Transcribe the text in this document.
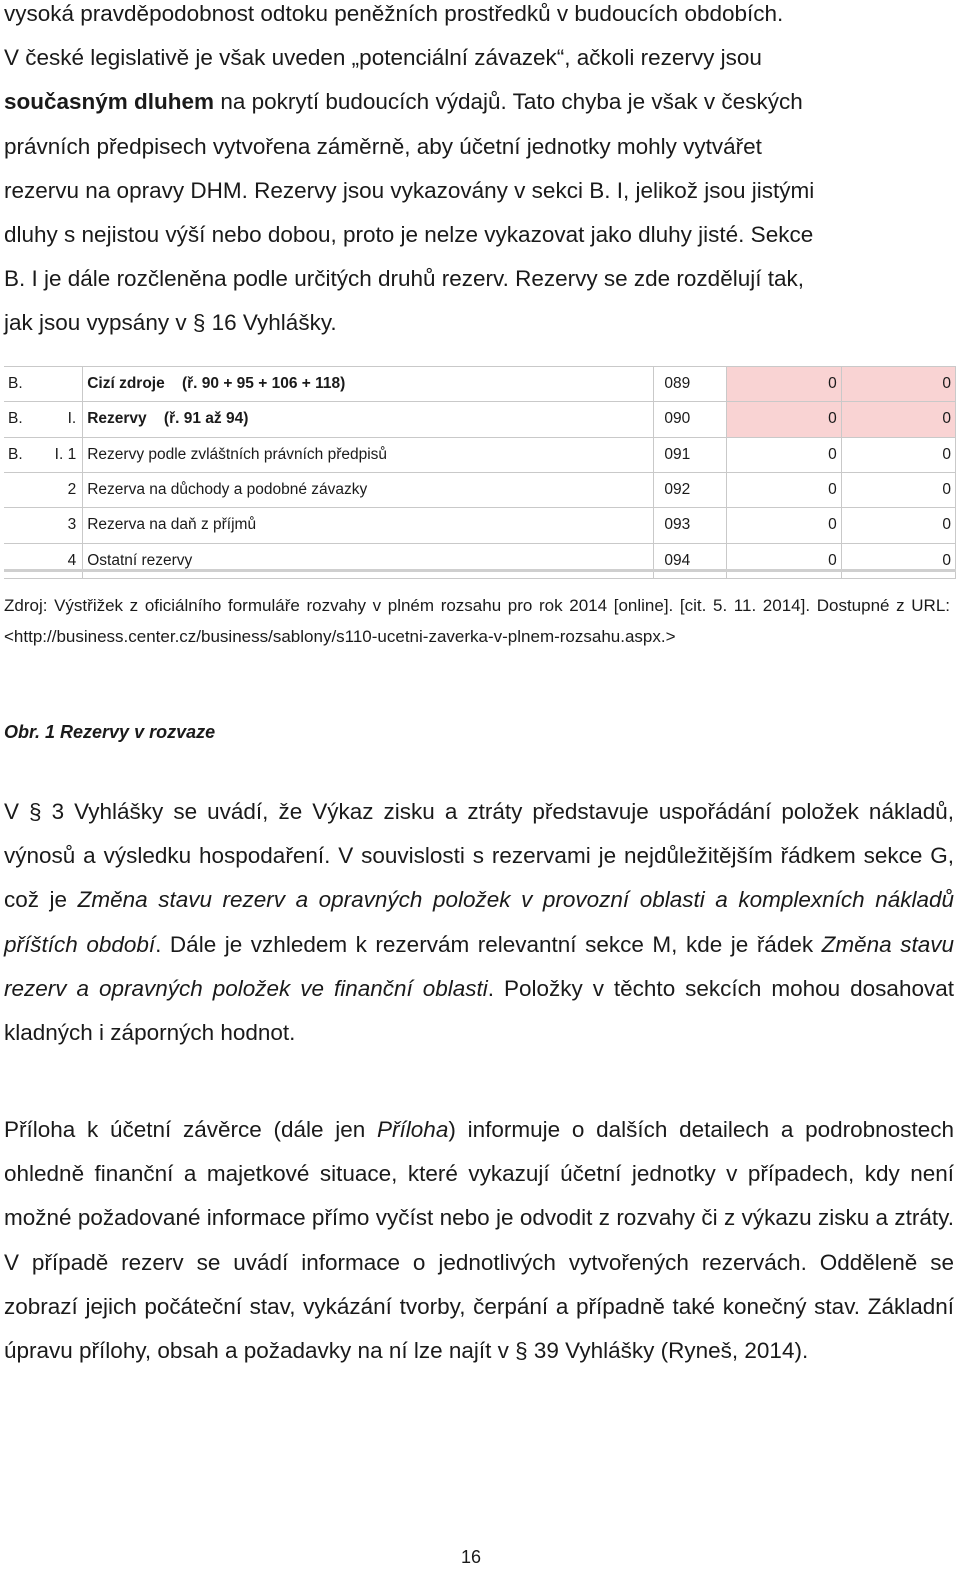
vysoká pravděpodobnost odtoku peněžních prostředků v budoucích obdobích.
V české legislativě je však uveden „potenciální závazek“, ačkoli rezervy jsou
současným dluhem na pokrytí budoucích výdajů. Tato chyba je však v českých
právních předpisech vytvořena záměrně, aby účetní jednotky mohly vytvářet
rezervu na opravy DHM. Rezervy jsou vykazovány v sekci B. I, jelikož jsou jistými
dluhy s nejistou výší nebo dobou, proto je nelze vykazovat jako dluhy jisté. Sekce
B. I je dále rozčleněna podle určitých druhů rezerv. Rezervy se zde rozdělují tak,
jak jsou vypsány v § 16 Vyhlášky.

B.		Cizí zdroje (ř. 90 + 95 + 106 + 118)	089	0	0
B.	I.	Rezervy (ř. 91 až 94)	090	0	0
B.	I. 1	Rezervy podle zvláštních právních předpisů	091	0	0
	2	Rezerva na důchody a podobné závazky	092	0	0
	3	Rezerva na daň z příjmů	093	0	0
	4	Ostatní rezervy	094	0	0

Zdroj: Výstřižek z oficiálního formuláře rozvahy v plném rozsahu pro rok 2014 [online]. [cit. 5. 11. 2014]. Dostupné z URL: <http://business.center.cz/business/sablony/s110-ucetni-zaverka-v-plnem-rozsahu.aspx.>

Obr. 1 Rezervy v rozvaze

V § 3 Vyhlášky se uvádí, že Výkaz zisku a ztráty představuje uspořádání položek nákladů, výnosů a výsledku hospodaření. V souvislosti s rezervami je nejdůležitějším řádkem sekce G, což je Změna stavu rezerv a opravných položek v provozní oblasti a komplexních nákladů příštích období. Dále je vzhledem k rezervám relevantní sekce M, kde je řádek Změna stavu rezerv a opravných položek ve finanční oblasti. Položky v těchto sekcích mohou dosahovat kladných i záporných hodnot.

Příloha k účetní závěrce (dále jen Příloha) informuje o dalších detailech a podrobnostech ohledně finanční a majetkové situace, které vykazují účetní jednotky v případech, kdy není možné požadované informace přímo vyčíst nebo je odvodit z rozvahy či z výkazu zisku a ztráty. V případě rezerv se uvádí informace o jednotlivých vytvořených rezervách. Odděleně se zobrazí jejich počáteční stav, vykázání tvorby, čerpání a případně také konečný stav. Základní úpravu přílohy, obsah a požadavky na ní lze najít v § 39 Vyhlášky (Ryneš, 2014).

16
